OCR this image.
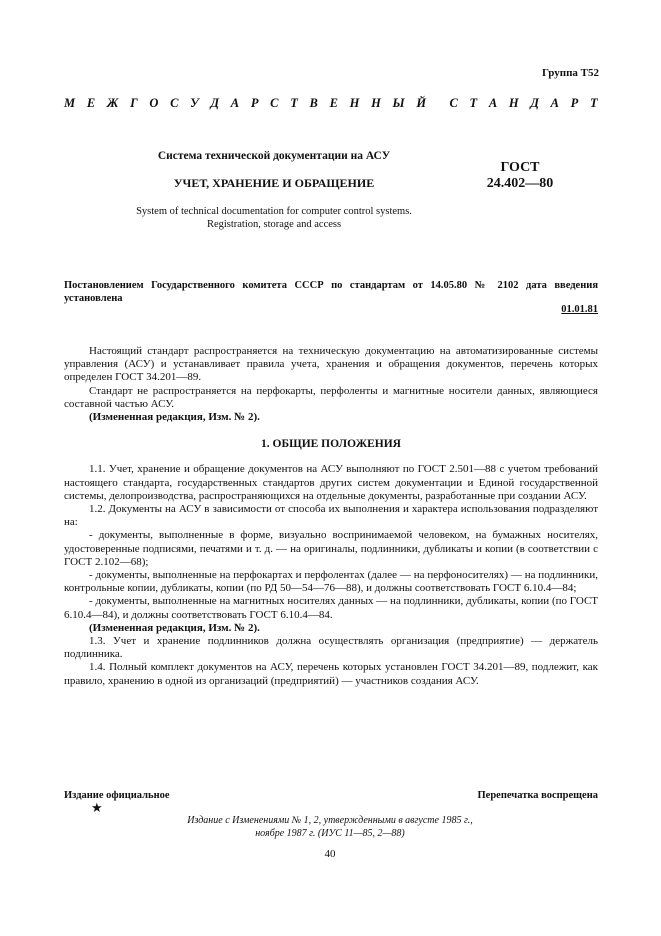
Группа Т52
М Е Ж Г О С У Д А Р С Т В Е Н Н Ы Й С Т А Н Д А Р Т
Система технической документации на АСУ
УЧЕТ, ХРАНЕНИЕ И ОБРАЩЕНИЕ
System of technical documentation for computer control systems.
Registration, storage and access
ГОСТ
24.402—80
Постановлением Государственного комитета СССР по стандартам от 14.05.80 № 2102 дата введения установлена
01.01.81

Настоящий стандарт распространяется на техническую документацию на автоматизированные системы управления (АСУ) и устанавливает правила учета, хранения и обращения документов, перечень которых определен ГОСТ 34.201—89.

Стандарт не распространяется на перфокарты, перфоленты и магнитные носители данных, являющиеся составной частью АСУ.

(Измененная редакция, Изм. № 2).

1. ОБЩИЕ ПОЛОЖЕНИЯ

1.1. Учет, хранение и обращение документов на АСУ выполняют по ГОСТ 2.501—88 с учетом требований настоящего стандарта, государственных стандартов других систем документации и Единой государственной системы, делопроизводства, распространяющихся на отдельные документы, разработанные при создании АСУ.

1.2. Документы на АСУ в зависимости от способа их выполнения и характера использования подразделяют на:

- документы, выполненные в форме, визуально воспринимаемой человеком, на бумажных носителях, удостоверенные подписями, печатями и т. д. — на оригиналы, подлинники, дубликаты и копии (в соответствии с ГОСТ 2.102—68);

- документы, выполненные на перфокартах и перфолентах (далее — на перфоносителях) — на подлинники, контрольные копии, дубликаты, копии (по РД 50—54—76—88), и должны соответствовать ГОСТ 6.10.4—84;

- документы, выполненные на магнитных носителях данных — на подлинники, дубликаты, копии (по ГОСТ 6.10.4—84), и должны соответствовать ГОСТ 6.10.4—84.

(Измененная редакция, Изм. № 2).

1.3. Учет и хранение подлинников должна осуществлять организация (предприятие) — держатель подлинника.

1.4. Полный комплект документов на АСУ, перечень которых установлен ГОСТ 34.201—89, подлежит, как правило, хранению в одной из организаций (предприятий) — участников создания АСУ.

Издание официальное	Перепечатка воспрещена
★
Издание с Изменениями № 1, 2, утвержденными в августе 1985 г.,
ноябре 1987 г. (ИУС 11—85, 2—88)
40
